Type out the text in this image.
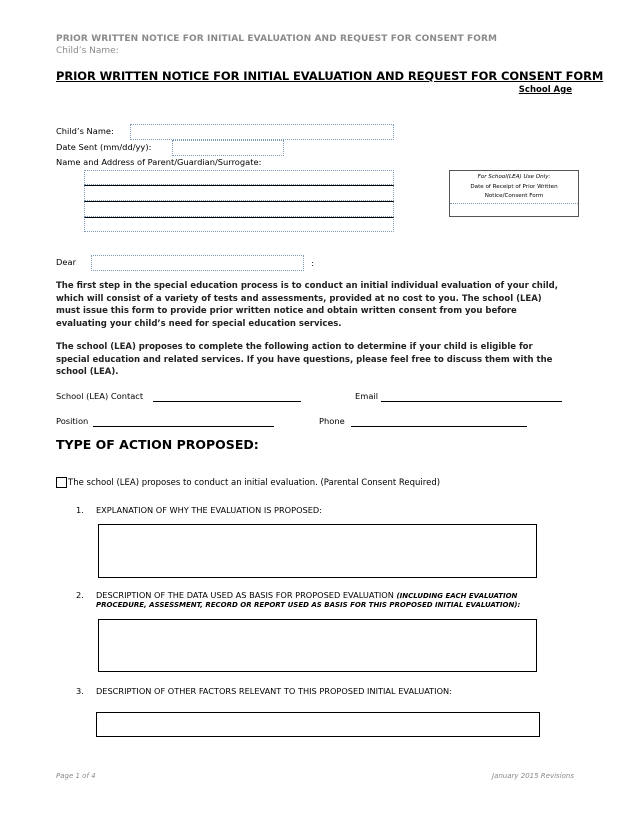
PRIOR WRITTEN NOTICE FOR INITIAL EVALUATION AND REQUEST FOR CONSENT FORM
Child’s Name:
PRIOR WRITTEN NOTICE FOR INITIAL EVALUATION AND REQUEST FOR CONSENT FORM
School Age
Child’s Name:
Date Sent (mm/dd/yy):
Name and Address of Parent/Guardian/Surrogate:
For School(LEA) Use Only:
Date of Receipt of Prior Written
Notice/Consent Form
Dear	:
The first step in the special education process is to conduct an initial individual evaluation of your child,
which will consist of a variety of tests and assessments, provided at no cost to you. The school (LEA)
must issue this form to provide prior written notice and obtain written consent from you before
evaluating your child’s need for special education services.
The school (LEA) proposes to complete the following action to determine if your child is eligible for
special education and related services. If you have questions, please feel free to discuss them with the
school (LEA).
School (LEA) Contact	Email
Position	Phone
TYPE OF ACTION PROPOSED:
The school (LEA) proposes to conduct an initial evaluation. (Parental Consent Required)
1. EXPLANATION OF WHY THE EVALUATION IS PROPOSED:
2. DESCRIPTION OF THE DATA USED AS BASIS FOR PROPOSED EVALUATION (INCLUDING EACH EVALUATION
PROCEDURE, ASSESSMENT, RECORD OR REPORT USED AS BASIS FOR THIS PROPOSED INITIAL EVALUATION):
3. DESCRIPTION OF OTHER FACTORS RELEVANT TO THIS PROPOSED INITIAL EVALUATION:
Page 1 of 4	January 2015 Revisions
